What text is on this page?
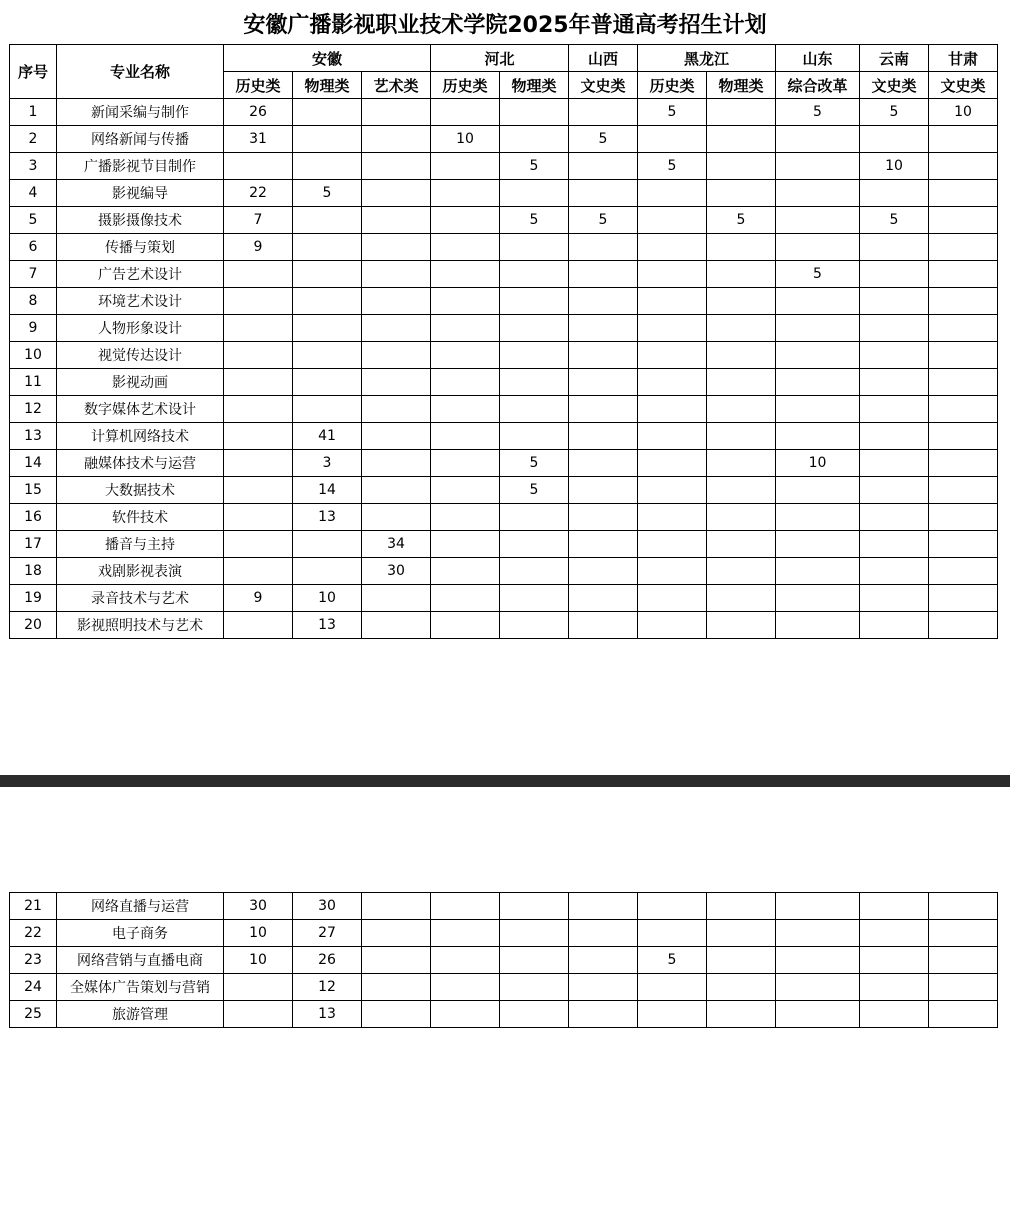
安徽广播影视职业技术学院2025年普通高考招生计划
序号	专业名称	安徽			河北		山西	黑龙江		山东	云南	甘肃
		历史类	物理类	艺术类	历史类	物理类	文史类	历史类	物理类	综合改革	文史类	文史类
1	新闻采编与制作	26						5		5	5	10
2	网络新闻与传播	31			10		5					
3	广播影视节目制作					5		5			10	
4	影视编导	22	5									
5	摄影摄像技术	7				5	5		5		5	
6	传播与策划	9										
7	广告艺术设计									5		
8	环境艺术设计											
9	人物形象设计											
10	视觉传达设计											
11	影视动画											
12	数字媒体艺术设计											
13	计算机网络技术		41									
14	融媒体技术与运营		3			5				10		
15	大数据技术		14			5						
16	软件技术		13									
17	播音与主持			34								
18	戏剧影视表演			30								
19	录音技术与艺术	9	10									
20	影视照明技术与艺术		13									
21	网络直播与运营	30	30									
22	电子商务	10	27									
23	网络营销与直播电商	10	26					5				
24	全媒体广告策划与营销		12									
25	旅游管理		13									
